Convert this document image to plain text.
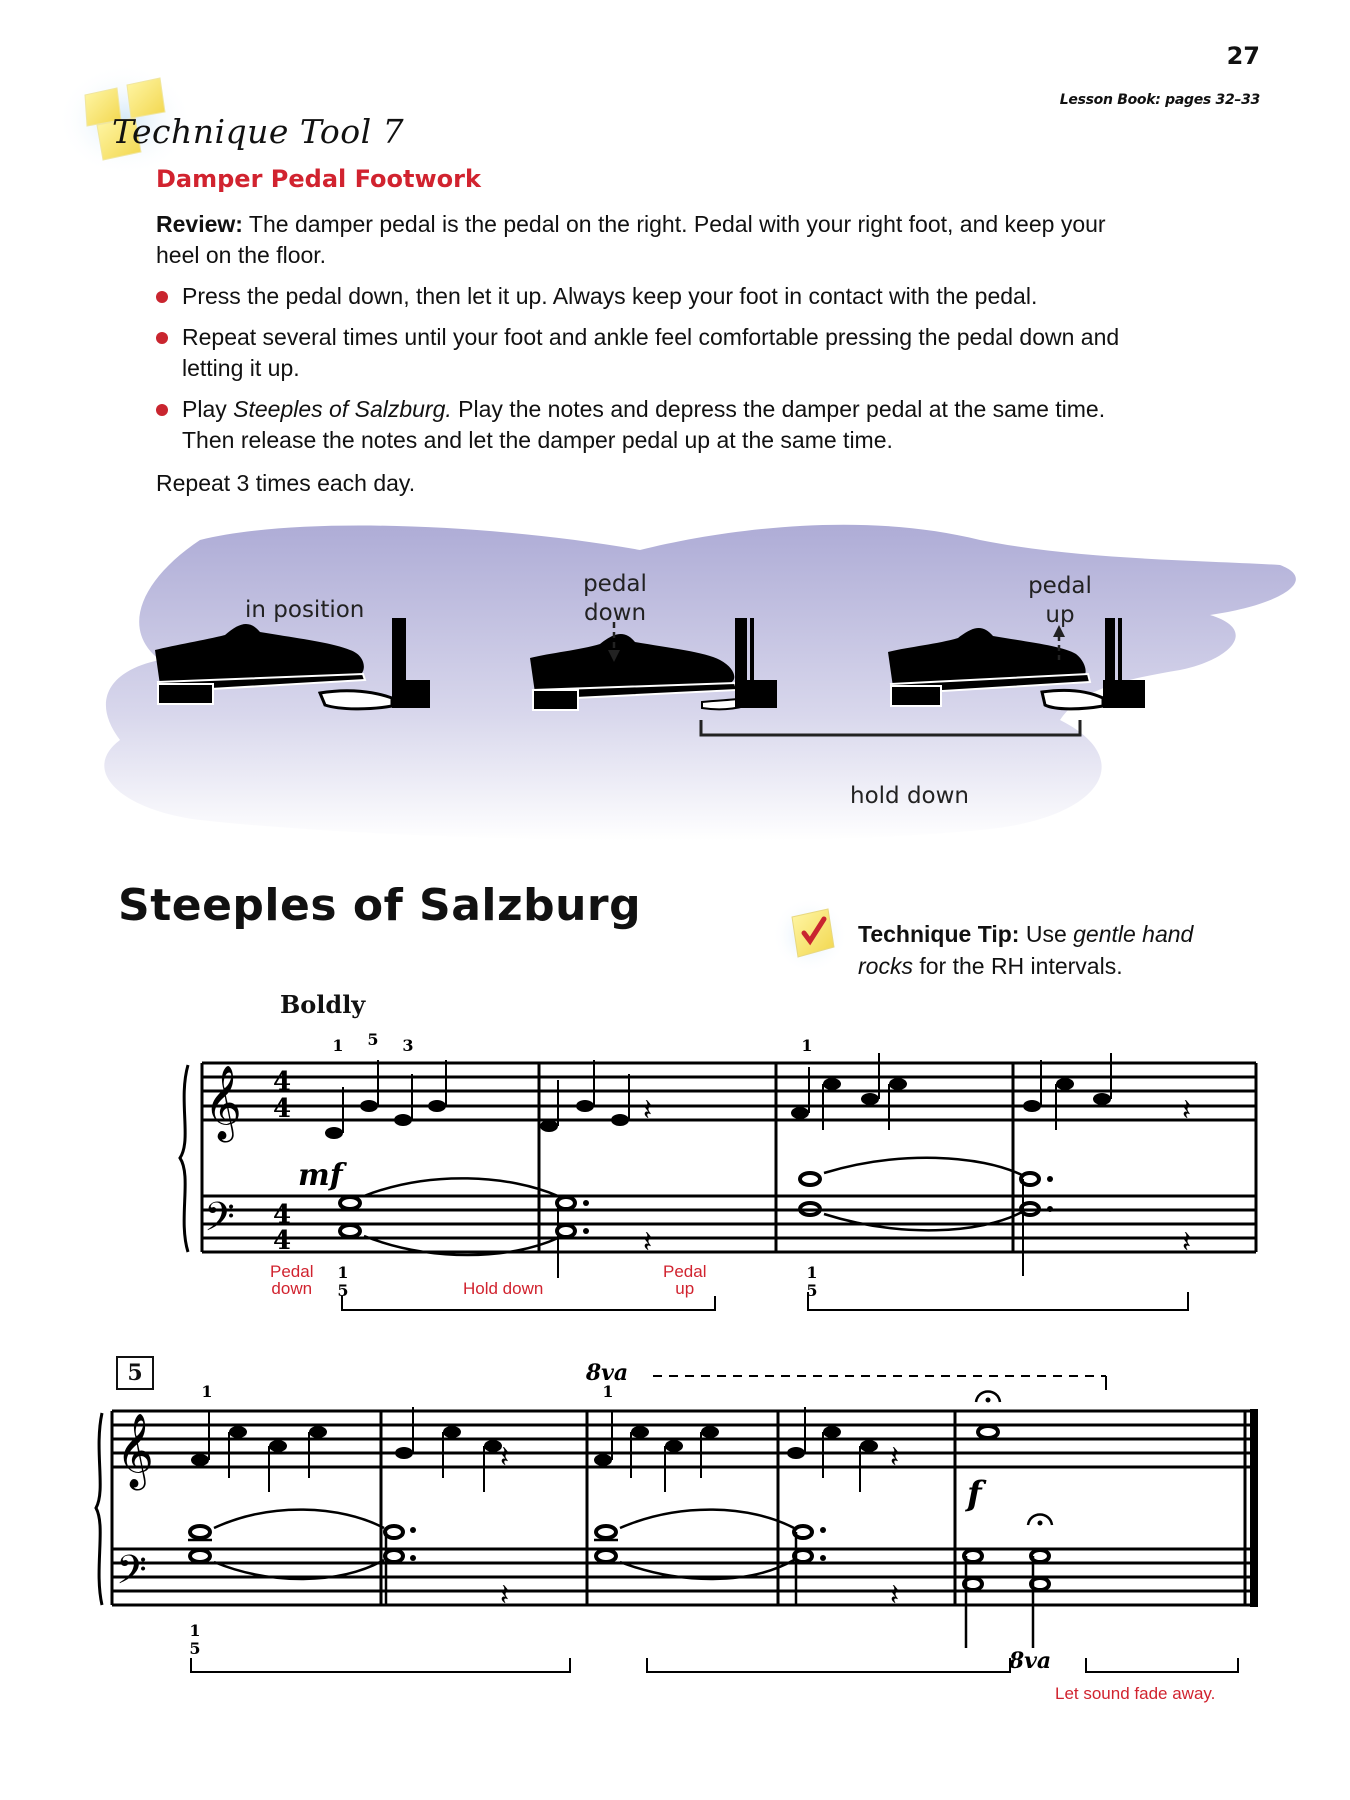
27
Lesson Book: pages 32–33
Technique Tool 7
Damper Pedal Footwork
Review: The damper pedal is the pedal on the right. Pedal with your right foot, and keep your heel on the floor.
Press the pedal down, then let it up. Always keep your foot in contact with the pedal.
Repeat several times until your foot and ankle feel comfortable pressing the pedal down and letting it up.
Play Steeples of Salzburg. Play the notes and depress the damper pedal at the same time. Then release the notes and let the damper pedal up at the same time.
Repeat 3 times each day.
in position
pedal
down
pedal
up
hold down
Steeples of Salzburg
Technique Tip: Use gentle hand
rocks for the RH intervals.
Boldly
𝄞
𝄢
4
4
4
4
𝄽
𝄽
𝄽
𝄽
1 5 3	1
1
5
1
5
mf
Pedal
down	Hold down
Pedal
up
5
𝄞
𝄢
𝄽
𝄽
𝄽
𝄽
1	1
1
5
8va
8va
f
Let sound fade away.
